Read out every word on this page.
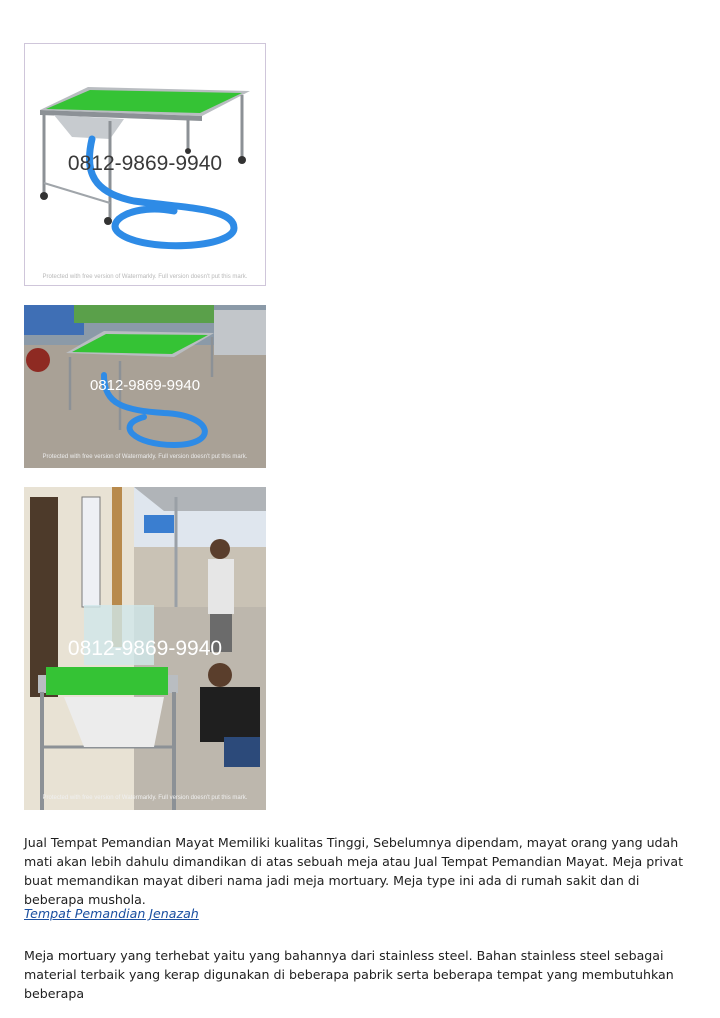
0812-9869-9940
Protected with free version of Watermarkly. Full version doesn't put this mark.
0812-9869-9940
Protected with free version of Watermarkly. Full version doesn't put this mark.
0812-9869-9940
Protected with free version of Watermarkly. Full version doesn't put this mark.

Jual Tempat Pemandian Mayat Memiliki kualitas Tinggi, Sebelumnya dipendam, mayat orang yang udah mati akan lebih dahulu dimandikan di atas sebuah meja atau Jual Tempat Pemandian Mayat. Meja privat buat memandikan mayat diberi nama jadi meja mortuary. Meja type ini ada di rumah sakit dan di beberapa mushola.

Tempat Pemandian Jenazah

Meja mortuary yang terhebat yaitu yang bahannya dari stainless steel. Bahan stainless steel sebagai material terbaik yang kerap digunakan di beberapa pabrik serta beberapa tempat yang membutuhkan beberapa
